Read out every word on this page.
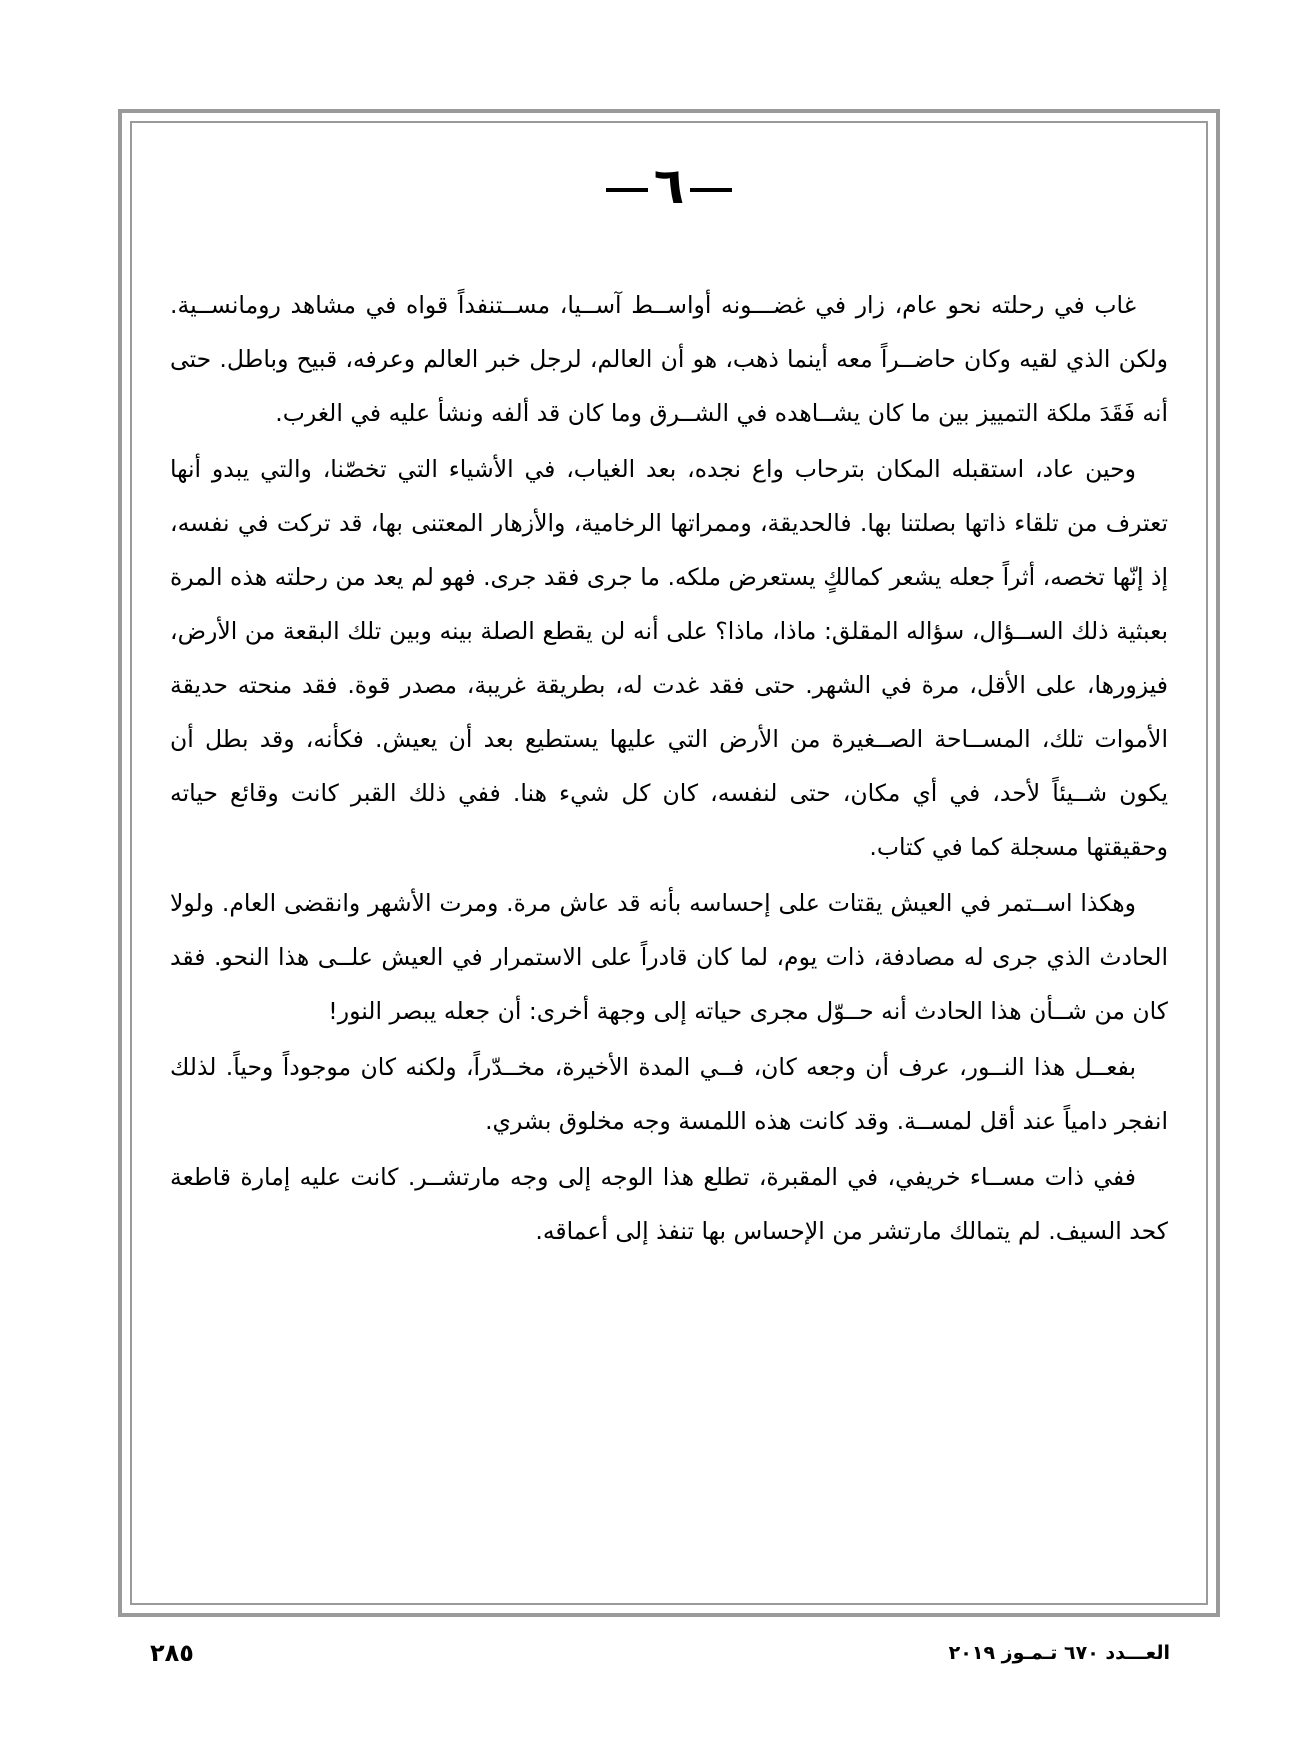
٦

غاب في رحلته نحو عام، زار في غضـــونه أواســط آســيا، مســتنفداً قواه في مشاهد رومانســية. ولكن الذي لقيه وكان حاضــراً معه أينما ذهب، هو أن العالم، لرجل خبر العالم وعرفه، قبيح وباطل. حتى أنه فَقَدَ ملكة التمييز بين ما كان يشــاهده في الشــرق وما كان قد ألفه ونشأ عليه في الغرب.

وحين عاد، استقبله المكان بترحاب واع نجده، بعد الغياب، في الأشياء التي تخصّنا، والتي يبدو أنها تعترف من تلقاء ذاتها بصلتنا بها. فالحديقة، وممراتها الرخامية، والأزهار المعتنى بها، قد تركت في نفسه، إذ إنّها تخصه، أثراً جعله يشعر كمالكٍ يستعرض ملكه. ما جرى فقد جرى. فهو لم يعد من رحلته هذه المرة بعبثية ذلك الســؤال، سؤاله المقلق: ماذا، ماذا؟ على أنه لن يقطع الصلة بينه وبين تلك البقعة من الأرض، فيزورها، على الأقل، مرة في الشهر. حتى فقد غدت له، بطريقة غريبة، مصدر قوة. فقد منحته حديقة الأموات تلك، المســاحة الصــغيرة من الأرض التي عليها يستطيع بعد أن يعيش. فكأنه، وقد بطل أن يكون شــيئاً لأحد، في أي مكان، حتى لنفسه، كان كل شيء هنا. ففي ذلك القبر كانت وقائع حياته وحقيقتها مسجلة كما في كتاب.

وهكذا اســتمر في العيش يقتات على إحساسه بأنه قد عاش مرة. ومرت الأشهر وانقضى العام. ولولا الحادث الذي جرى له مصادفة، ذات يوم، لما كان قادراً على الاستمرار في العيش علــى هذا النحو. فقد كان من شــأن هذا الحادث أنه حــوّل مجرى حياته إلى وجهة أخرى: أن جعله يبصر النور!

بفعــل هذا النــور، عرف أن وجعه كان، فــي المدة الأخيرة، مخــدّراً، ولكنه كان موجوداً وحياً. لذلك انفجر دامياً عند أقل لمســة. وقد كانت هذه اللمسة وجه مخلوق بشري.

ففي ذات مســاء خريفي، في المقبرة، تطلع هذا الوجه إلى وجه مارتشــر. كانت عليه إمارة قاطعة كحد السيف. لم يتمالك مارتشر من الإحساس بها تنفذ إلى أعماقه.

العـــدد ٦٧٠ تـمـوز ٢٠١٩
٢٨٥
